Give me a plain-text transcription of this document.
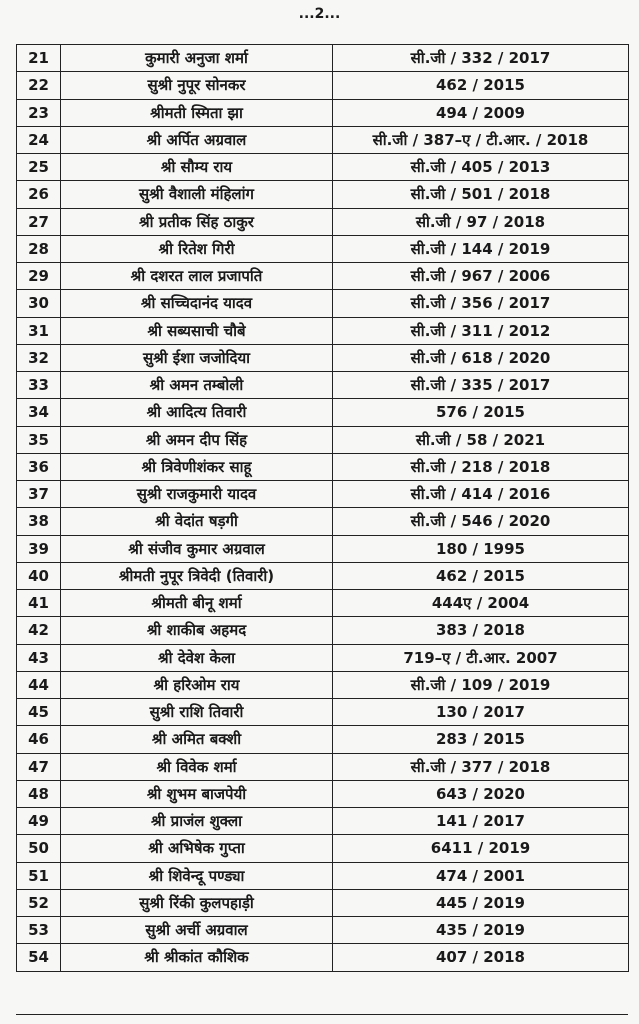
...2...
21	कुमारी अनुजा शर्मा	सी.जी / 332 / 2017
22	सुश्री नुपूर सोनकर	462 / 2015
23	श्रीमती स्मिता झा	494 / 2009
24	श्री अर्पित अग्रवाल	सी.जी / 387–ए / टी.आर. / 2018
25	श्री सौम्य राय	सी.जी / 405 / 2013
26	सुश्री वैशाली मंहिलांग	सी.जी / 501 / 2018
27	श्री प्रतीक सिंह ठाकुर	सी.जी / 97 / 2018
28	श्री रितेश गिरी	सी.जी / 144 / 2019
29	श्री दशरत लाल प्रजापति	सी.जी / 967 / 2006
30	श्री सच्चिदानंद यादव	सी.जी / 356 / 2017
31	श्री सब्यसाची चौबे	सी.जी / 311 / 2012
32	सुश्री ईशा जजोदिया	सी.जी / 618 / 2020
33	श्री अमन तम्बोली	सी.जी / 335 / 2017
34	श्री आदित्य तिवारी	576 / 2015
35	श्री अमन दीप सिंह	सी.जी / 58 / 2021
36	श्री त्रिवेणीशंकर साहू	सी.जी / 218 / 2018
37	सुश्री राजकुमारी यादव	सी.जी / 414 / 2016
38	श्री वेदांत षड़गी	सी.जी / 546 / 2020
39	श्री संजीव कुमार अग्रवाल	180 / 1995
40	श्रीमती नुपूर त्रिवेदी (तिवारी)	462 / 2015
41	श्रीमती बीनू शर्मा	444ए / 2004
42	श्री शाकीब अहमद	383 / 2018
43	श्री देवेश केला	719–ए / टी.आर. 2007
44	श्री हरिओम राय	सी.जी / 109 / 2019
45	सुश्री राशि तिवारी	130 / 2017
46	श्री अमित बक्शी	283 / 2015
47	श्री विवेक शर्मा	सी.जी / 377 / 2018
48	श्री शुभम बाजपेयी	643 / 2020
49	श्री प्राजंल शुक्ला	141 / 2017
50	श्री अभिषेक गुप्ता	6411 / 2019
51	श्री शिवेन्दू पण्ड्या	474 / 2001
52	सुश्री रिंकी कुलपहाड़ी	445 / 2019
53	सुश्री अर्ची अग्रवाल	435 / 2019
54	श्री श्रीकांत कौशिक	407 / 2018
